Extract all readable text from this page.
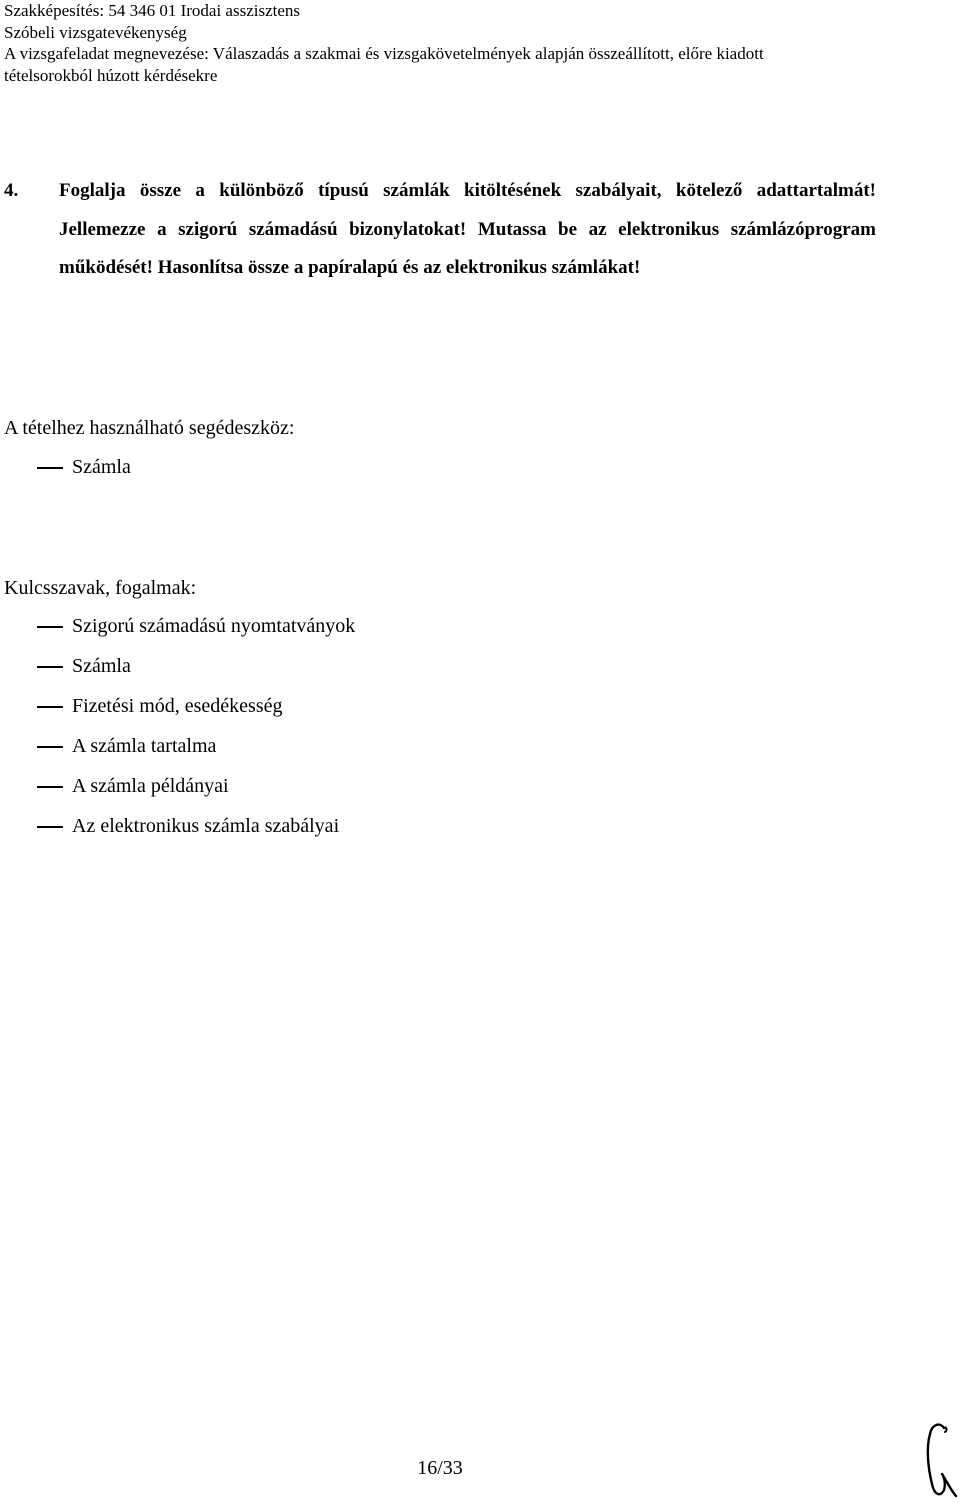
Szakképesítés: 54 346 01 Irodai asszisztens
Szóbeli vizsgatevékenység
A vizsgafeladat megnevezése: Válaszadás a szakmai és vizsgakövetelmények alapján összeállított, előre kiadott
tételsorokból húzott kérdésekre
4.	Foglalja össze a különböző típusú számlák kitöltésének szabályait, kötelező adattartalmát! Jellemezze a szigorú számadású bizonylatokat! Mutassa be az elektronikus számlázóprogram működését! Hasonlítsa össze a papíralapú és az elektronikus számlákat!
A tételhez használható segédeszköz:
Számla
Kulcsszavak, fogalmak:
Szigorú számadású nyomtatványok
Számla
Fizetési mód, esedékesség
A számla tartalma
A számla példányai
Az elektronikus számla szabályai
16/33
